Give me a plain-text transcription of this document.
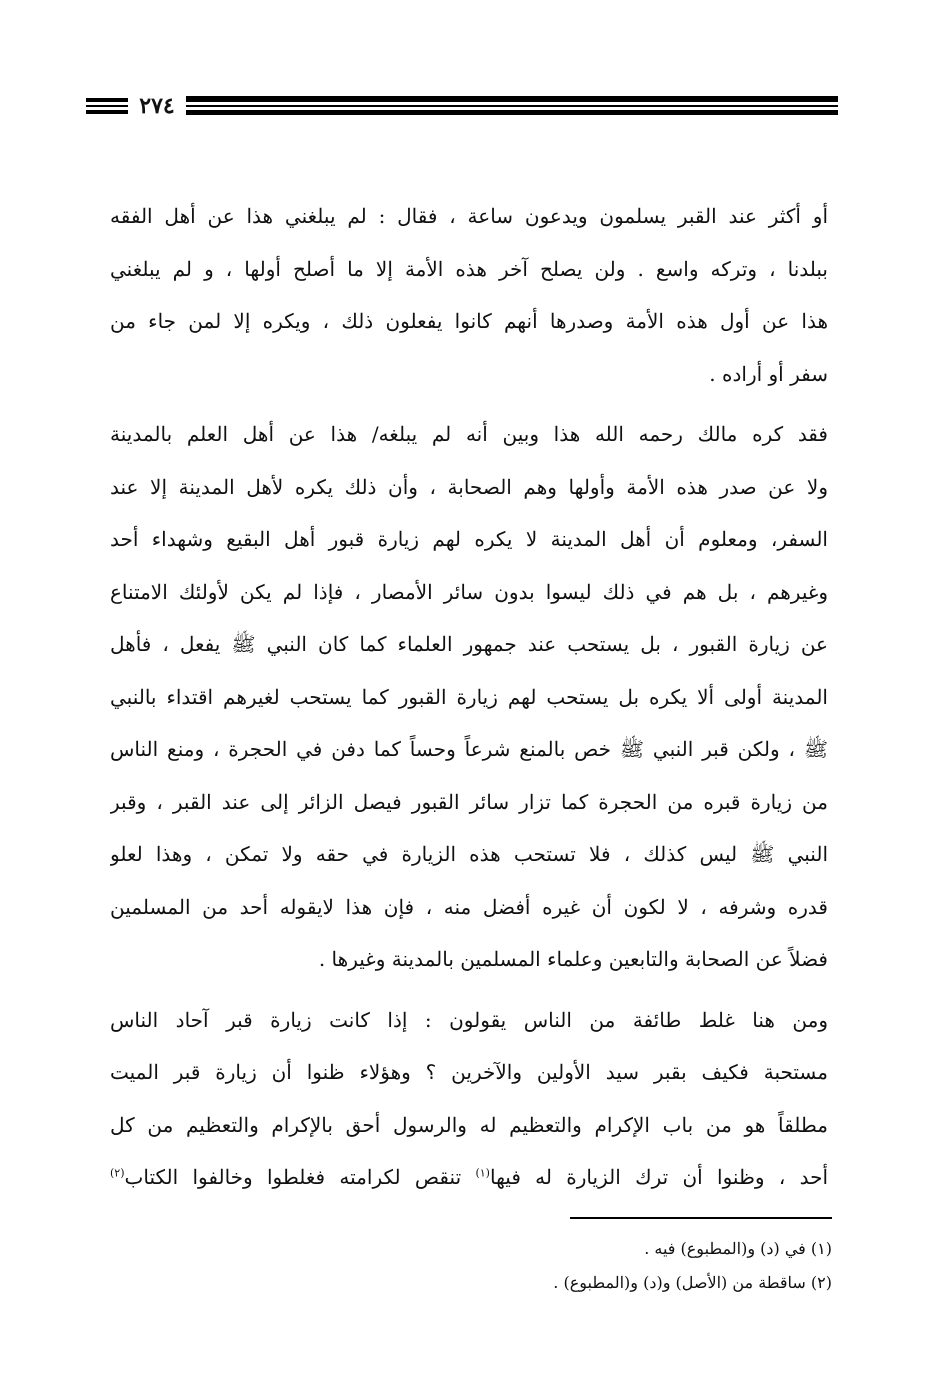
٢٧٤
أو أكثر عند القبر يسلمون ويدعون ساعة ، فقال : لم يبلغني هذا عن أهل الفقه
ببلدنا ، وتركه واسع . ولن يصلح آخر هذه الأمة إلا ما أصلح أولها ، و لم يبلغني
هذا عن أول هذه الأمة وصدرها أنهم كانوا يفعلون ذلك ، ويكره إلا لمن جاء من
سفر أو أراده .
فقد كره مالك رحمه الله هذا وبين أنه لم يبلغه/ هذا عن أهل العلم بالمدينة
ولا عن صدر هذه الأمة وأولها وهم الصحابة ، وأن ذلك يكره لأهل المدينة إلا عند
السفر، ومعلوم أن أهل المدينة لا يكره لهم زيارة قبور أهل البقيع وشهداء أحد
وغيرهم ، بل هم في ذلك ليسوا بدون سائر الأمصار ، فإذا لم يكن لأولئك الامتناع
عن زيارة القبور ، بل يستحب عند جمهور العلماء كما كان النبي ﷺ يفعل ، فأهل
المدينة أولى ألا يكره بل يستحب لهم زيارة القبور كما يستحب لغيرهم اقتداء بالنبي
ﷺ ، ولكن قبر النبي ﷺ خص بالمنع شرعاً وحساً كما دفن في الحجرة ، ومنع الناس
من زيارة قبره من الحجرة كما تزار سائر القبور فيصل الزائر إلى عند القبر ، وقبر
النبي ﷺ ليس كذلك ، فلا تستحب هذه الزيارة في حقه ولا تمكن ، وهذا لعلو
قدره وشرفه ، لا لكون أن غيره أفضل منه ، فإن هذا لايقوله أحد من المسلمين
فضلاً عن الصحابة والتابعين وعلماء المسلمين بالمدينة وغيرها .
ومن هنا غلط طائفة من الناس يقولون : إذا كانت زيارة قبر آحاد الناس
مستحبة فكيف بقبر سيد الأولين والآخرين ؟ وهؤلاء ظنوا أن زيارة قبر الميت
مطلقاً هو من باب الإكرام والتعظيم له والرسول أحق بالإكرام والتعظيم من كل
أحد ، وظنوا أن ترك الزيارة له فيها$^{(١)}$ تنقص لكرامته فغلطوا وخالفوا الكتاب$^{(٢)}$
(١) في (د) و(المطبوع) فيه .
(٢) ساقطة من (الأصل) و(د) و(المطبوع) .
